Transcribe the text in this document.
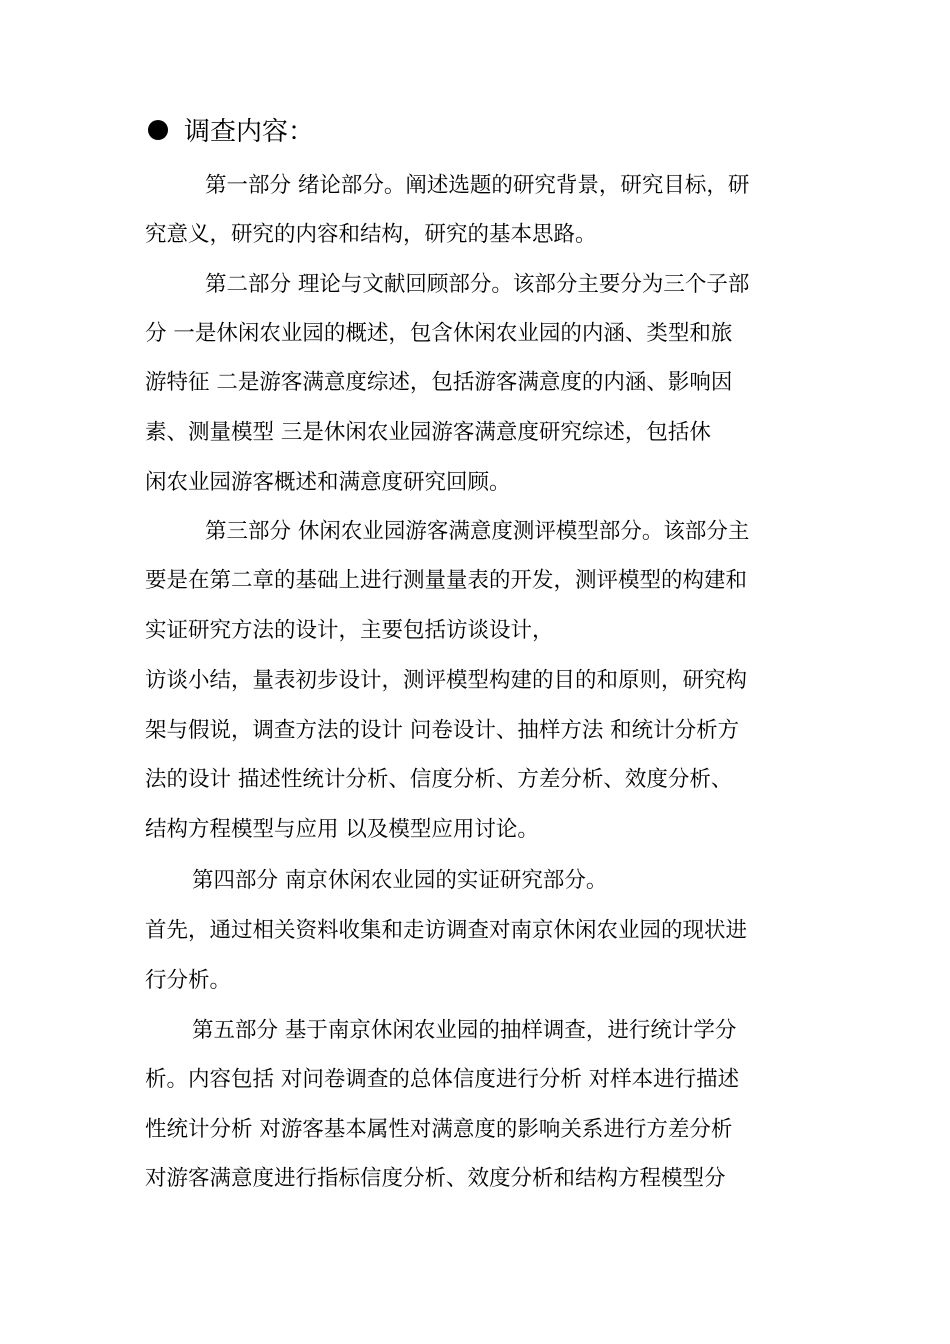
调查内容：
第一部分 绪论部分。阐述选题的研究背景，研究目标，研
究意义，研究的内容和结构，研究的基本思路。
第二部分 理论与文献回顾部分。该部分主要分为三个子部
分 一是休闲农业园的概述，包含休闲农业园的内涵、类型和旅
游特征 二是游客满意度综述，包括游客满意度的内涵、影响因
素、测量模型 三是休闲农业园游客满意度研究综述，包括休
闲农业园游客概述和满意度研究回顾。
第三部分 休闲农业园游客满意度测评模型部分。该部分主
要是在第二章的基础上进行测量量表的开发，测评模型的构建和
实证研究方法的设计，主要包括访谈设计，
访谈小结，量表初步设计，测评模型构建的目的和原则，研究构
架与假说，调查方法的设计 问卷设计、抽样方法 和统计分析方
法的设计 描述性统计分析、信度分析、方差分析、效度分析、
结构方程模型与应用 以及模型应用讨论。
第四部分 南京休闲农业园的实证研究部分。
首先，通过相关资料收集和走访调查对南京休闲农业园的现状进
行分析。
第五部分 基于南京休闲农业园的抽样调查，进行统计学分
析。内容包括 对问卷调查的总体信度进行分析 对样本进行描述
性统计分析 对游客基本属性对满意度的影响关系进行方差分析
对游客满意度进行指标信度分析、效度分析和结构方程模型分
